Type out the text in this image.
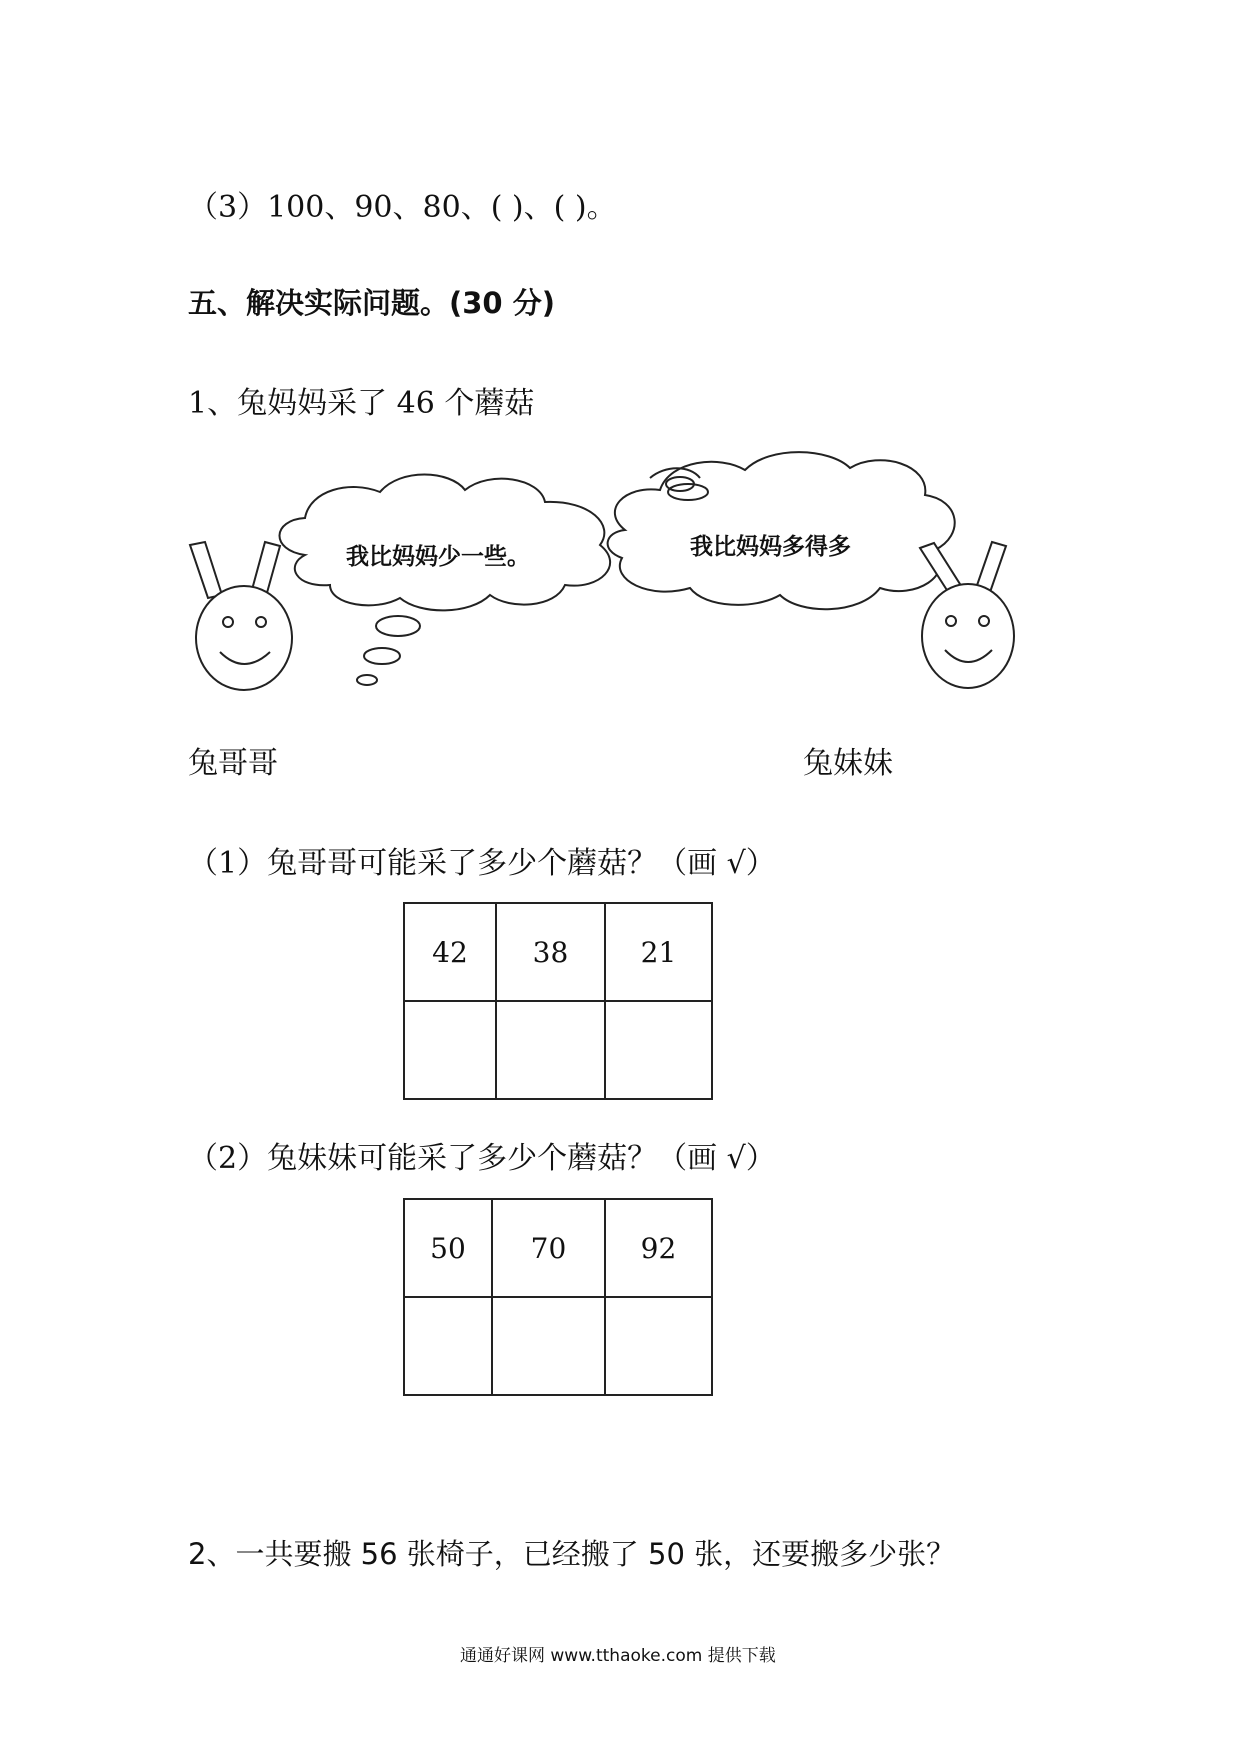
（3）100、90、80、( )、( )。
五、解决实际问题。(30 分)
1、兔妈妈采了 46 个蘑菇
我比妈妈少一些。	我比妈妈多得多
兔哥哥	兔妹妹
（1）兔哥哥可能采了多少个蘑菇？（画 √）
42	38	21

（2）兔妹妹可能采了多少个蘑菇？（画 √）
50	70	92

2、一共要搬 56 张椅子，已经搬了 50 张，还要搬多少张？
通通好课网 www.tthaoke.com 提供下载
